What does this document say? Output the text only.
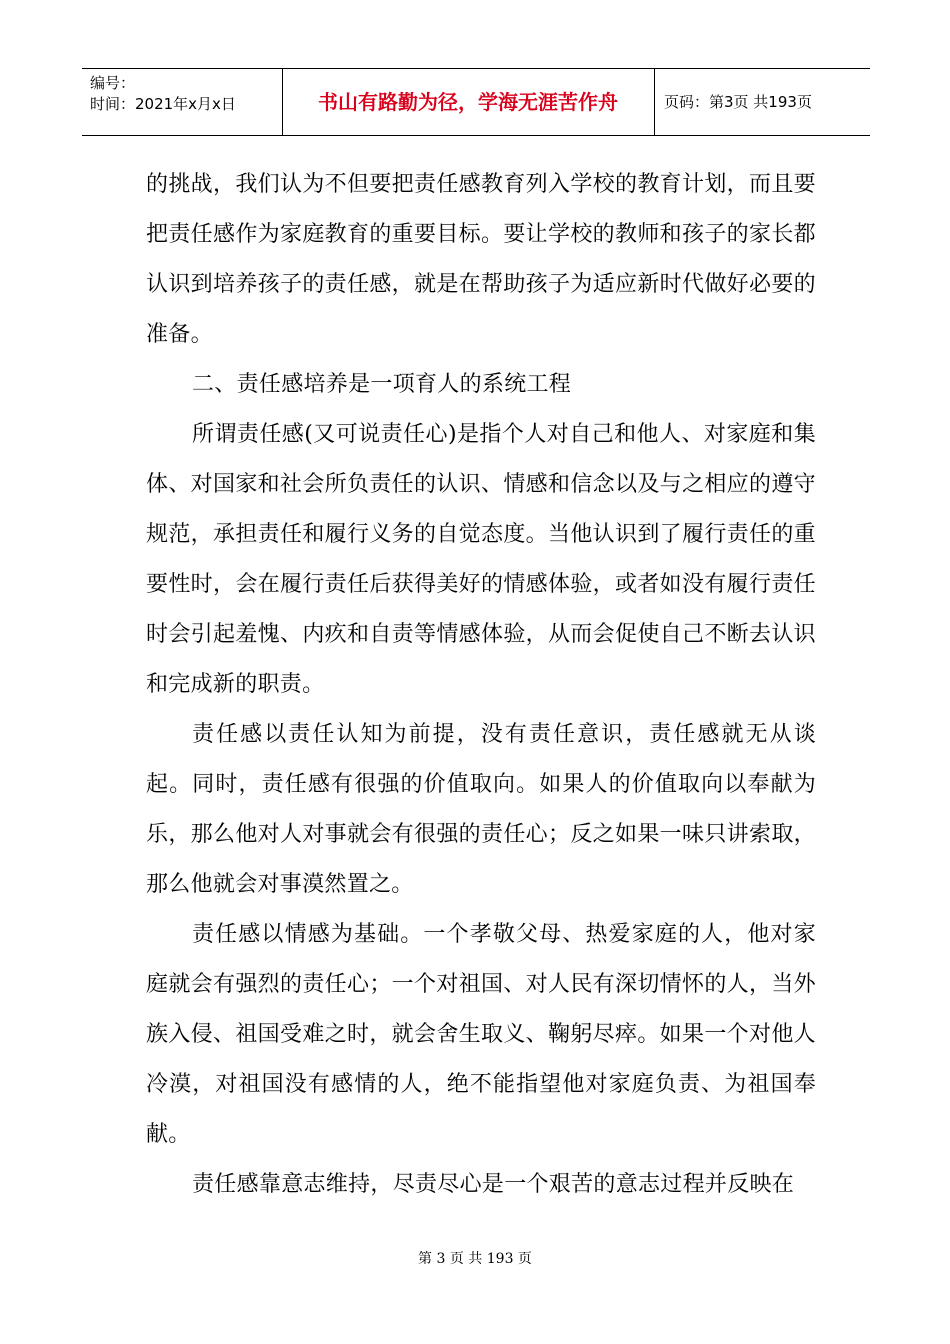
编号：
时间：2021年x月x日	书山有路勤为径，学海无涯苦作舟	页码：第3页 共193页

的挑战，我们认为不但要把责任感教育列入学校的教育计划，而且要把责任感作为家庭教育的重要目标。要让学校的教师和孩子的家长都认识到培养孩子的责任感，就是在帮助孩子为适应新时代做好必要的准备。

二、责任感培养是一项育人的系统工程

所谓责任感(又可说责任心)是指个人对自己和他人、对家庭和集体、对国家和社会所负责任的认识、情感和信念以及与之相应的遵守规范，承担责任和履行义务的自觉态度。当他认识到了履行责任的重要性时，会在履行责任后获得美好的情感体验，或者如没有履行责任时会引起羞愧、内疚和自责等情感体验，从而会促使自己不断去认识和完成新的职责。

责任感以责任认知为前提，没有责任意识，责任感就无从谈起。同时，责任感有很强的价值取向。如果人的价值取向以奉献为乐，那么他对人对事就会有很强的责任心；反之如果一味只讲索取，那么他就会对事漠然置之。

责任感以情感为基础。一个孝敬父母、热爱家庭的人，他对家庭就会有强烈的责任心；一个对祖国、对人民有深切情怀的人，当外族入侵、祖国受难之时，就会舍生取义、鞠躬尽瘁。如果一个对他人冷漠，对祖国没有感情的人，绝不能指望他对家庭负责、为祖国奉献。

责任感靠意志维持，尽责尽心是一个艰苦的意志过程并反映在

第 3 页 共 193 页
